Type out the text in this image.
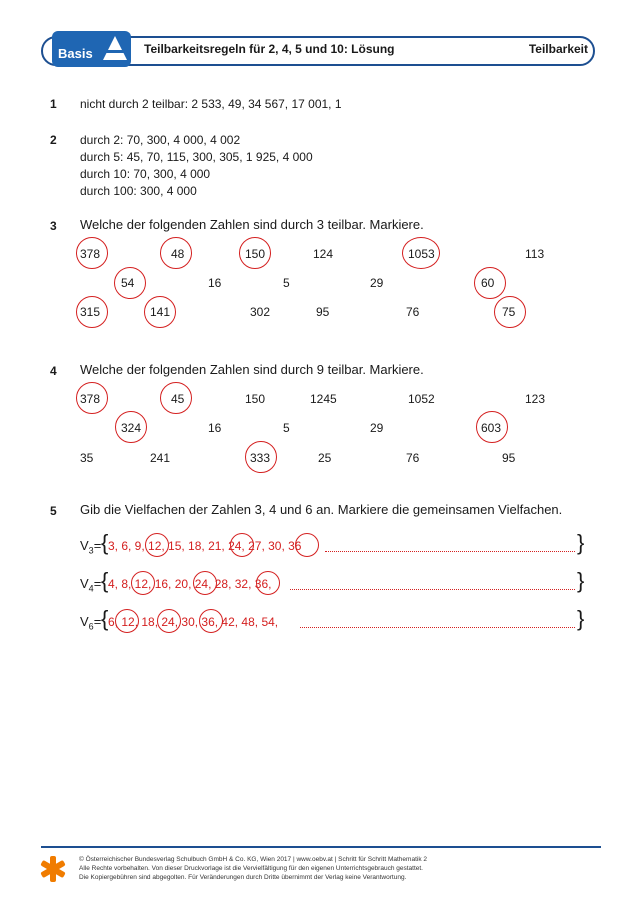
Basis	Teilbarkeitsregeln für 2, 4, 5 und 10: Lösung	Teilbarkeit
1 nicht durch 2 teilbar: 2 533, 49, 34 567, 17 001, 1
2 durch 2: 70, 300, 4 000, 4 002
durch 5: 45, 70, 115, 300, 305, 1 925, 4 000
durch 10: 70, 300, 4 000
durch 100: 300, 4 000
3 Welche der folgenden Zahlen sind durch 3 teilbar. Markiere.
378	48	150	124	1053	113
54	16	5	29	60
315	141	302	95	76	75
4 Welche der folgenden Zahlen sind durch 9 teilbar. Markiere.
378	45	150	1245	1052	123
324	16	5	29	603
35	241	333	25	76	95
5 Gib die Vielfachen der Zahlen 3, 4 und 6 an. Markiere die gemeinsamen Vielfachen.
$V_3=$ { 3, 6, 9, 12, 15, 18, 21, 24, 27, 30, 36	}
$V_4=$ { 4, 8, 12, 16, 20, 24, 28, 32, 36,	}
$V_6=$ { 6, 12, 18, 24, 30, 36, 42, 48, 54,	}
© Österreichischer Bundesverlag Schulbuch GmbH & Co. KG, Wien 2017 | www.oebv.at | Schritt für Schritt Mathematik 2
Alle Rechte vorbehalten. Von dieser Druckvorlage ist die Vervielfältigung für den eigenen Unterrichtsgebrauch gestattet.
Die Kopiergebühren sind abgegolten. Für Veränderungen durch Dritte übernimmt der Verlag keine Verantwortung.
